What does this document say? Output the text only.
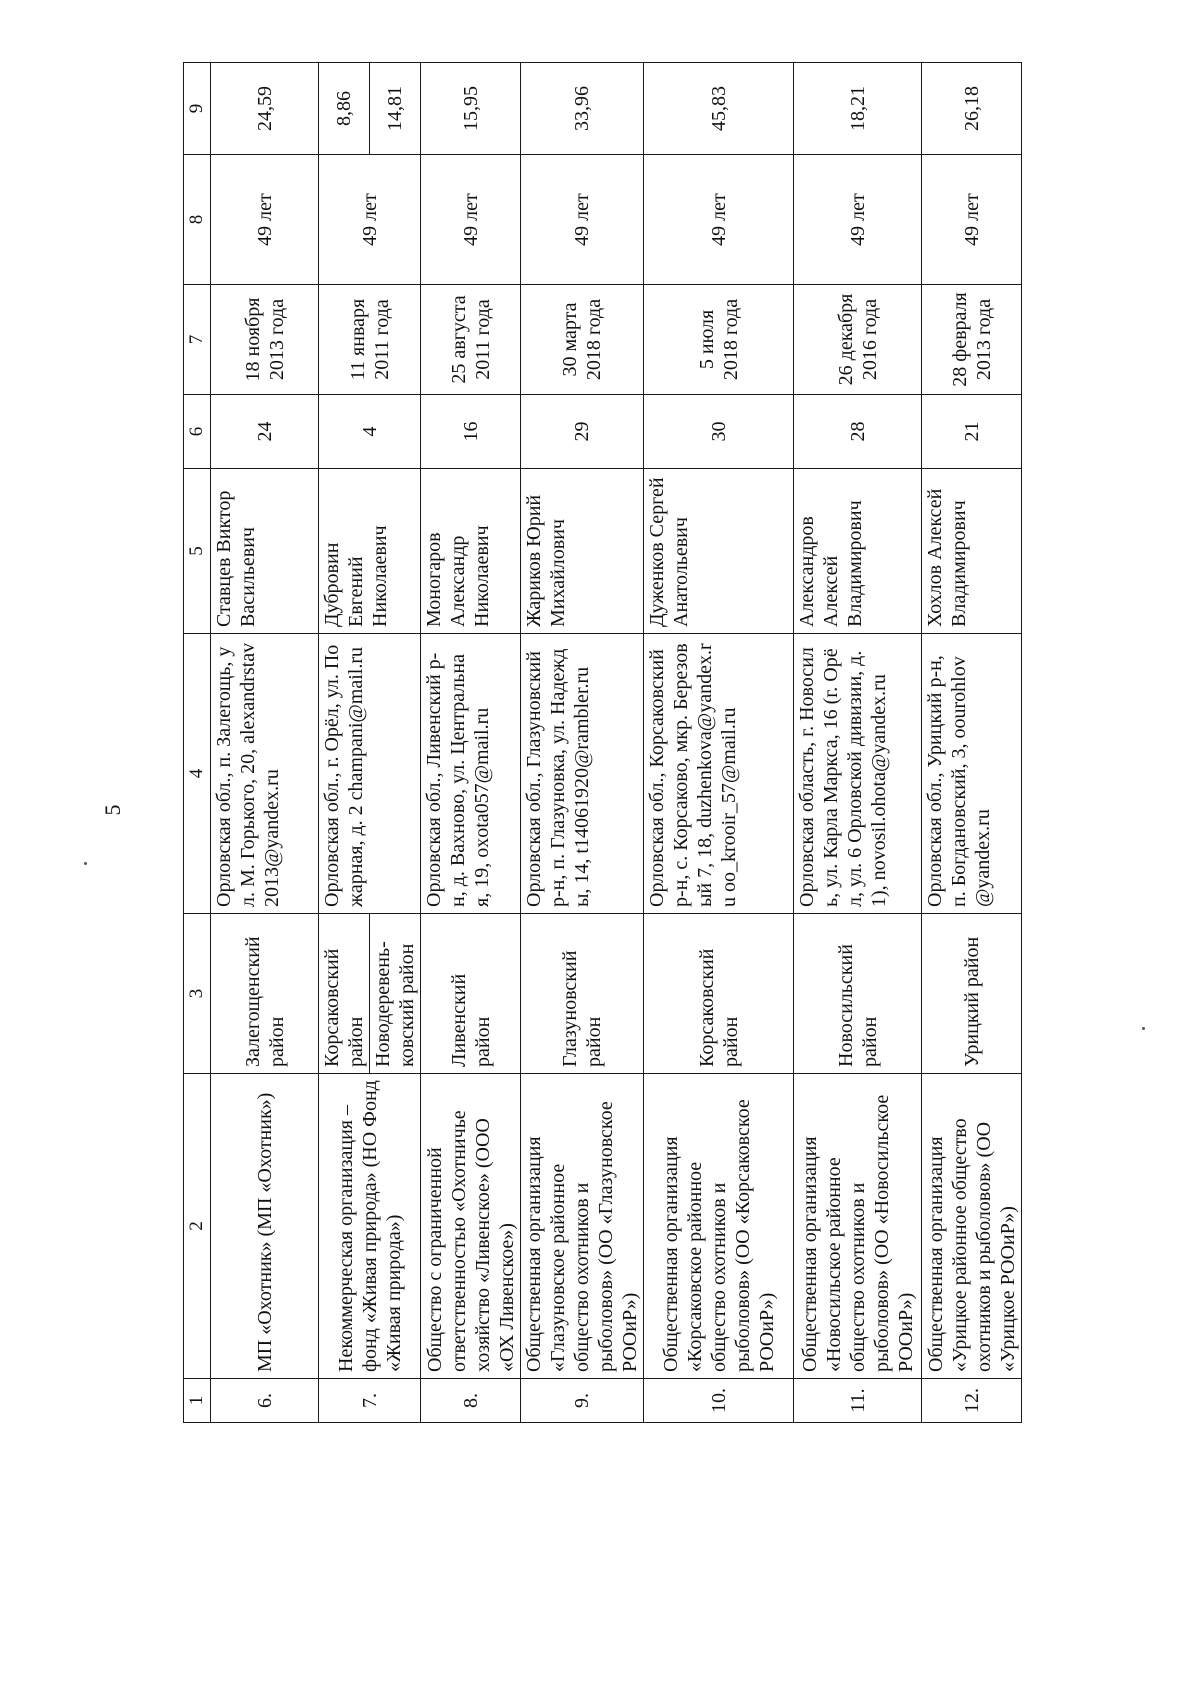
5
1	2	3	4	5	6	7	8	9
6.	МП «Охотник» (МП «Охотник»)	Залегощенский район	Орловская обл., п. Залегощь, ул. М. Горького, 20, alexandrstav2013@yandex.ru	Ставцев Виктор Васильевич	24	18 ноября 2013 года	49 лет	24,59
7.	Некоммерческая организация – фонд «Живая природа» (НО Фонд «Живая природа»)	Корсаковский район	Орловская обл., г. Орёл, ул. Пожарная, д. 2 champani@mail.ru	Дубровин Евгений Николаевич	4	11 января 2011 года	49 лет	8,86
		Новодеревень-ковский район						14,81
8.	Общество с ограниченной ответственностью «Охотничье хозяйство «Ливенское» (ООО «ОХ Ливенское»)	Ливенский район	Орловская обл., Ливенский р-н, д. Вахново, ул. Центральная, 19, oxota057@mail.ru	Моногаров Александр Николаевич	16	25 августа 2011 года	49 лет	15,95
9.	Общественная организация «Глазуновское районное общество охотников и рыболовов» (ОО «Глазуновское РООиР»)	Глазуновский район	Орловская обл., Глазуновский р-н, п. Глазуновка, ул. Надежды, 14, t14061920@rambler.ru	Жариков Юрий Михайлович	29	30 марта 2018 года	49 лет	33,96
10.	Общественная организация «Корсаковское районное общество охотников и рыболовов» (ОО «Корсаковское РООиР»)	Корсаковский район	Орловская обл., Корсаковский р-н, с. Корсаково, мкр. Березовый 7, 18, duzhenkova@yandex.ru oo_krooir_57@mail.ru	Дуженков Сергей Анатольевич	30	5 июля 2018 года	49 лет	45,83
11.	Общественная организация «Новосильское районное общество охотников и рыболовов» (ОО «Новосильское РООиР»)	Новосильский район	Орловская область, г. Новосиль, ул. Карла Маркса, 16 (г. Орёл, ул. 6 Орловской дивизии, д. 1), novosil.ohota@yandex.ru	Александров Алексей Владимирович	28	26 декабря 2016 года	49 лет	18,21
12.	Общественная организация «Урицкое районное общество охотников и рыболовов» (ОО «Урицкое РООиР»)	Урицкий район	Орловская обл., Урицкий р-н, п. Богдановский, 3, oourohlov@yandex.ru	Хохлов Алексей Владимирович	21	28 февраля 2013 года	49 лет	26,18
